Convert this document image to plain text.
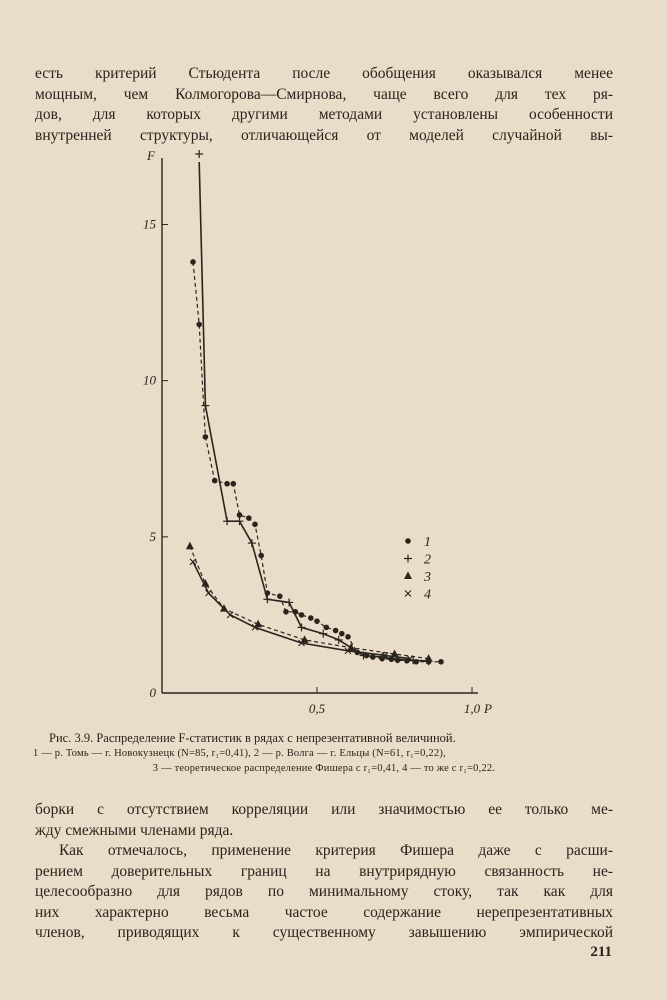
есть критерий Стьюдента после обобщения оказывался менее
мощным, чем Колмогорова—Смирнова, чаще всего для тех ря-
дов, для которых другими методами установлены особенности
внутренней структуры, отличающейся от моделей случайной вы-
F
P
0
5
10
15
0,5	1,0
1
2
3
4
Рис. 3.9. Распределение F-статистик в рядах с непрезентативной величиной.
1 — р. Томь — г. Новокузнецк (N=85, r₁=0,41), 2 — р. Волга — г. Ельцы (N=61, r₁=0,22),
3 — теоретическое распределение Фишера с r₁=0,41, 4 — то же с r₁=0,22.
борки с отсутствием корреляции или значимостью ее только ме-
жду смежными членами ряда.
Как отмечалось, применение критерия Фишера даже с расши-
рением доверительных границ на внутрирядную связанность не-
целесообразно для рядов по минимальному стоку, так как для
них характерно весьма частое содержание нерепрезентативных
членов, приводящих к существенному завышению эмпирической
211
